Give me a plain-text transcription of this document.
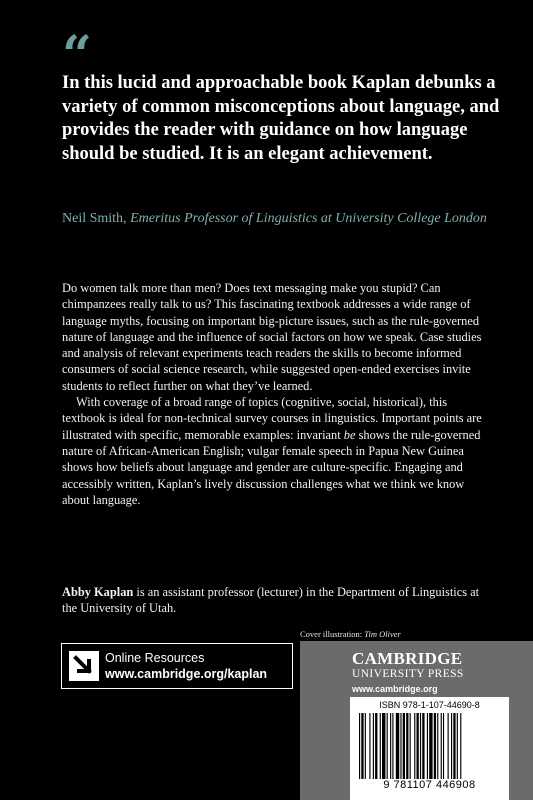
“

In this lucid and approachable book Kaplan debunks a variety of common misconceptions about language, and provides the reader with guidance on how language should be studied. It is an elegant achievement.

Neil Smith, Emeritus Professor of Linguistics at University College London

Do women talk more than men? Does text messaging make you stupid? Can chimpanzees really talk to us? This fascinating textbook addresses a wide range of language myths, focusing on important big-picture issues, such as the rule-governed nature of language and the influence of social factors on how we speak. Case studies and analysis of relevant experiments teach readers the skills to become informed consumers of social science research, while suggested open-ended exercises invite students to reflect further on what they’ve learned.

With coverage of a broad range of topics (cognitive, social, historical), this textbook is ideal for non-technical survey courses in linguistics. Important points are illustrated with specific, memorable examples: invariant be shows the rule-governed nature of African-American English; vulgar female speech in Papua New Guinea shows how beliefs about language and gender are culture-specific. Engaging and accessibly written, Kaplan’s lively discussion challenges what we think we know about language.

Abby Kaplan is an assistant professor (lecturer) in the Department of Linguistics at the University of Utah.
Cover illustration: Tim Oliver
Online Resources
www.cambridge.org/kaplan
CAMBRIDGE
UNIVERSITY PRESS
www.cambridge.org
ISBN 978-1-107-44690-8
9 781107 446908
